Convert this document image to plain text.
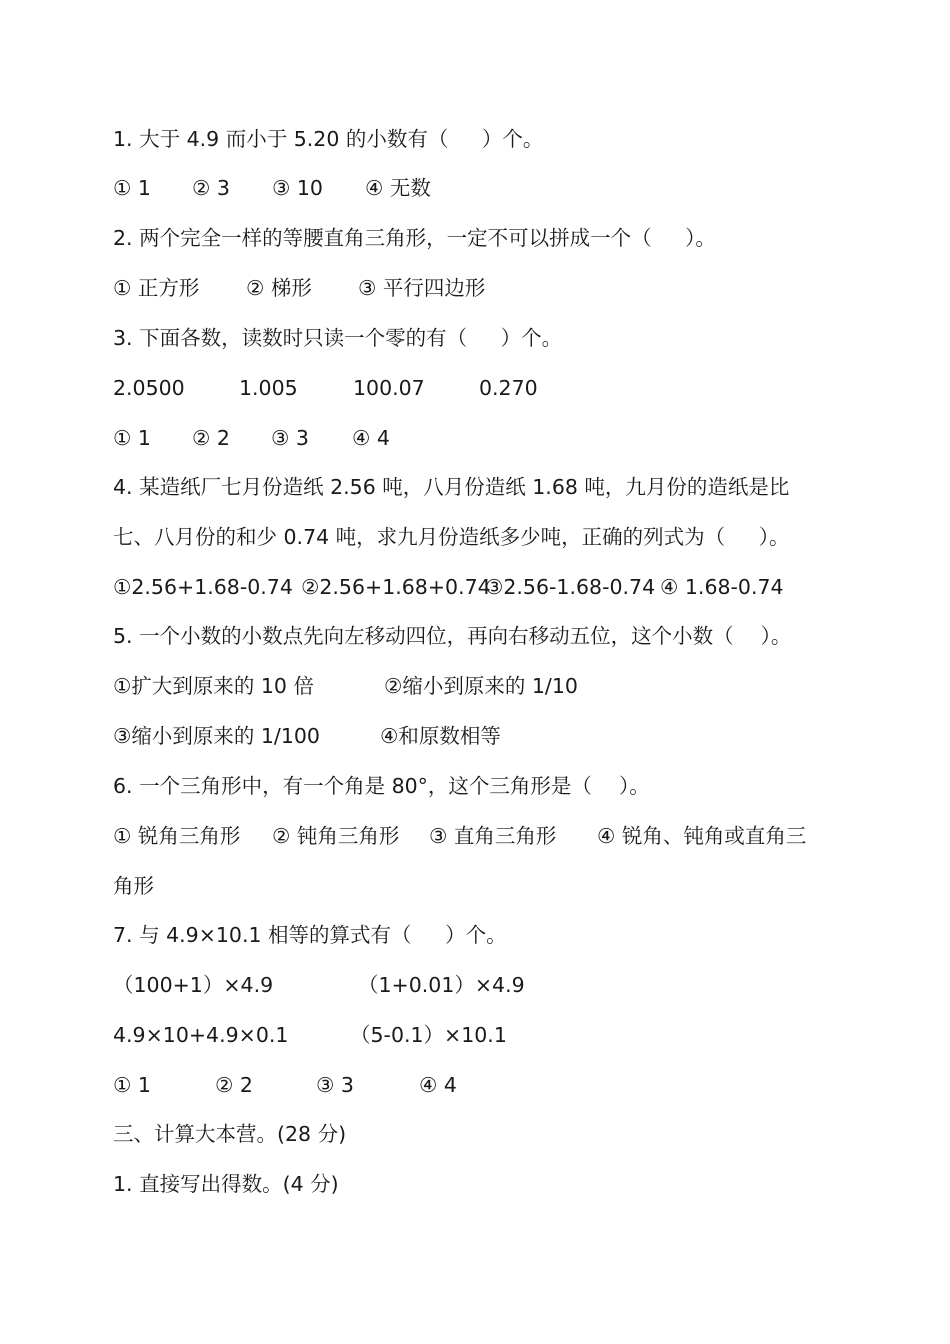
1. 大于 4.9 而小于 5.20 的小数有（　  ）个。

① 1

② 3

③ 10

④ 无数

2. 两个完全一样的等腰直角三角形，一定不可以拼成一个（　  ）。

① 正方形

② 梯形

③ 平行四边形

3. 下面各数，读数时只读一个零的有（　  ）个。

2.0500

	1.005

	100.07

	0.270

① 1

② 2

③ 3

④ 4

4. 某造纸厂七月份造纸 2.56 吨，八月份造纸 1.68 吨，九月份的造纸是比
七、八月份的和少 0.74 吨，求九月份造纸多少吨，正确的列式为（　  ）。

①2.56+1.68-0.74

②2.56+1.68+0.74

③2.56-1.68-0.74

④ 1.68-0.74

5. 一个小数的小数点先向左移动四位，再向右移动五位，这个小数（　 ）。

①扩大到原来的 10 倍

	②缩小到原来的 1/10

③缩小到原来的 1/100

	④和原数相等

6. 一个三角形中，有一个角是 80°，这个三角形是（　 ）。

① 锐角三角形

② 钝角三角形

③ 直角三角形

④ 锐角、钝角或直角三

角形
7. 与 4.9×10.1 相等的算式有（　  ）个。

（100+1）×4.9

	（1+0.01）×4.9

4.9×10+4.9×0.1

	（5-0.1）×10.1

① 1

	② 2

	③ 3

	④ 4

三、计算大本营。(28 分)
1. 直接写出得数。(4 分)
